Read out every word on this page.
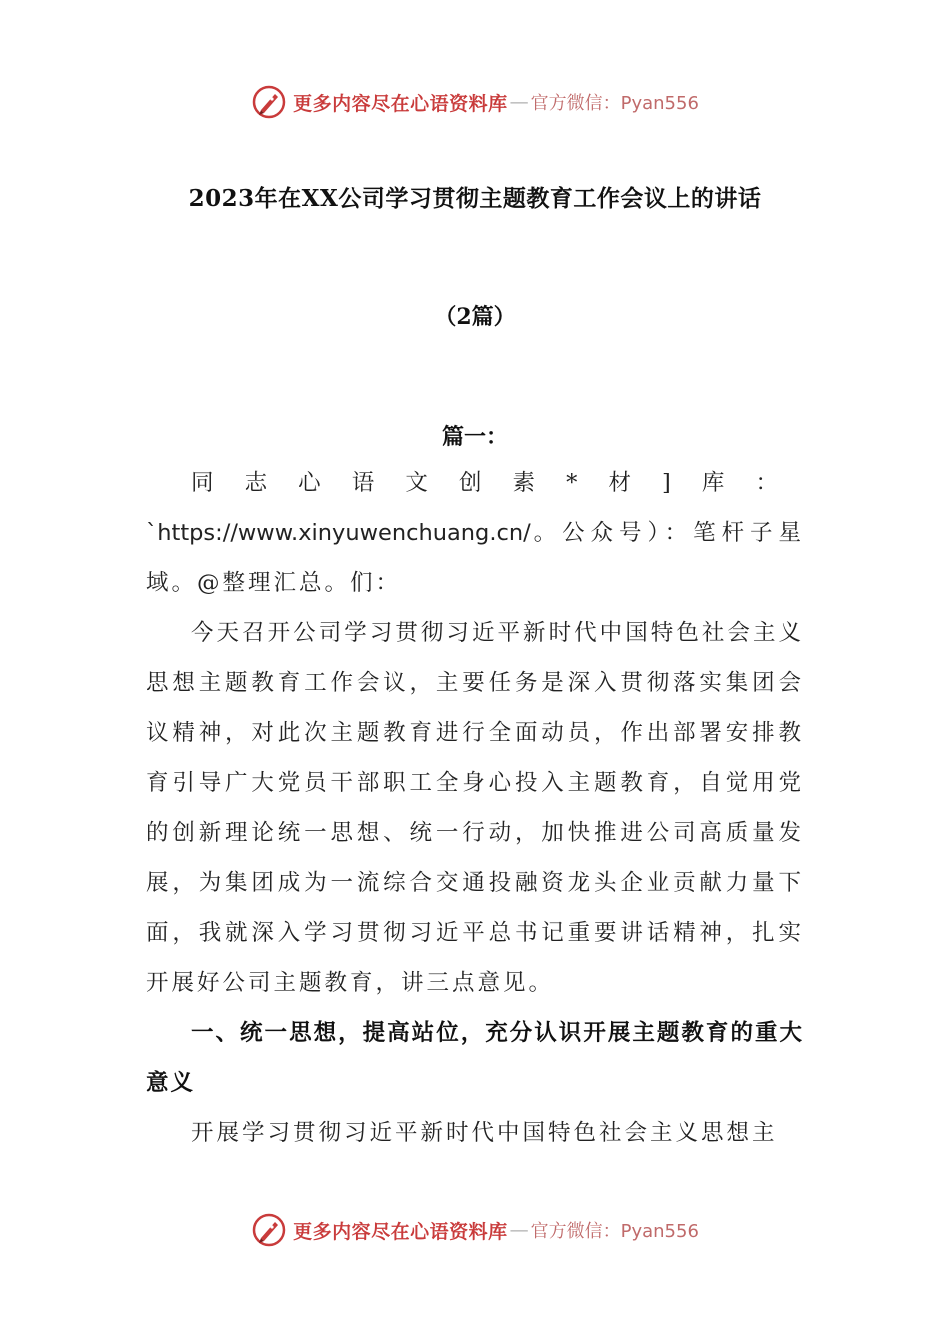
更多内容尽在心语资料库 — 官方微信：Pyan556
2023年在XX公司学习贯彻主题教育工作会议上的讲话
（2篇）
篇一：

同志心语文创素*材]库：`https://www.xinyuwenchuang.cn/。公众号）：笔杆子星域。@整理汇总。们：

今天召开公司学习贯彻习近平新时代中国特色社会主义思想主题教育工作会议，主要任务是深入贯彻落实集团会议精神，对此次主题教育进行全面动员，作出部署安排教育引导广大党员干部职工全身心投入主题教育，自觉用党的创新理论统一思想、统一行动，加快推进公司高质量发展，为集团成为一流综合交通投融资龙头企业贡献力量下面，我就深入学习贯彻习近平总书记重要讲话精神，扎实开展好公司主题教育，讲三点意见。

一、统一思想，提高站位，充分认识开展主题教育的重大意义

开展学习贯彻习近平新时代中国特色社会主义思想主

更多内容尽在心语资料库 — 官方微信：Pyan556
